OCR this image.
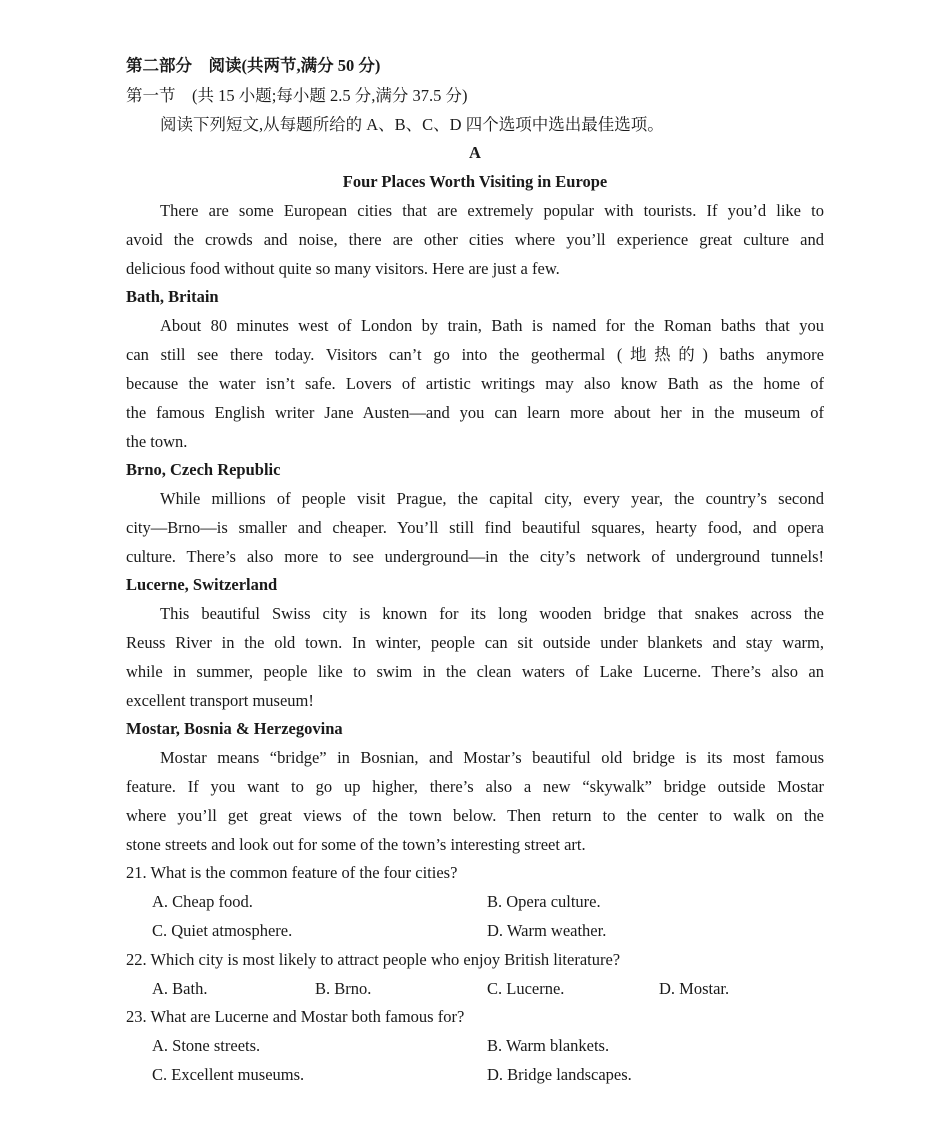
第二部分　阅读(共两节,满分 50 分)
第一节　(共 15 小题;每小题 2.5 分,满分 37.5 分)
阅读下列短文,从每题所给的 A、B、C、D 四个选项中选出最佳选项。
A
Four Places Worth Visiting in Europe
There are some European cities that are extremely popular with tourists. If you’d like to
avoid the crowds and noise, there are other cities where you’ll experience great culture and
delicious food without quite so many visitors. Here are just a few.
Bath, Britain
About 80 minutes west of London by train, Bath is named for the Roman baths that you
can still see there today. Visitors can’t go into the geothermal (地热的) baths anymore
because the water isn’t safe. Lovers of artistic writings may also know Bath as the home of
the famous English writer Jane Austen—and you can learn more about her in the museum of
the town.
Brno, Czech Republic
While millions of people visit Prague, the capital city, every year, the country’s second
city—Brno—is smaller and cheaper. You’ll still find beautiful squares, hearty food, and opera
culture. There’s also more to see underground—in the city’s network of underground tunnels!
Lucerne, Switzerland
This beautiful Swiss city is known for its long wooden bridge that snakes across the
Reuss River in the old town. In winter, people can sit outside under blankets and stay warm,
while in summer, people like to swim in the clean waters of Lake Lucerne. There’s also an
excellent transport museum!
Mostar, Bosnia & Herzegovina
Mostar means “bridge” in Bosnian, and Mostar’s beautiful old bridge is its most famous
feature. If you want to go up higher, there’s also a new “skywalk” bridge outside Mostar
where you’ll get great views of the town below. Then return to the center to walk on the
stone streets and look out for some of the town’s interesting street art.
21. What is the common feature of the four cities?
A. Cheap food.	B. Opera culture.
C. Quiet atmosphere.	D. Warm weather.
22. Which city is most likely to attract people who enjoy British literature?
A. Bath.	B. Brno.	C. Lucerne.	D. Mostar.
23. What are Lucerne and Mostar both famous for?
A. Stone streets.	B. Warm blankets.
C. Excellent museums.	D. Bridge landscapes.
